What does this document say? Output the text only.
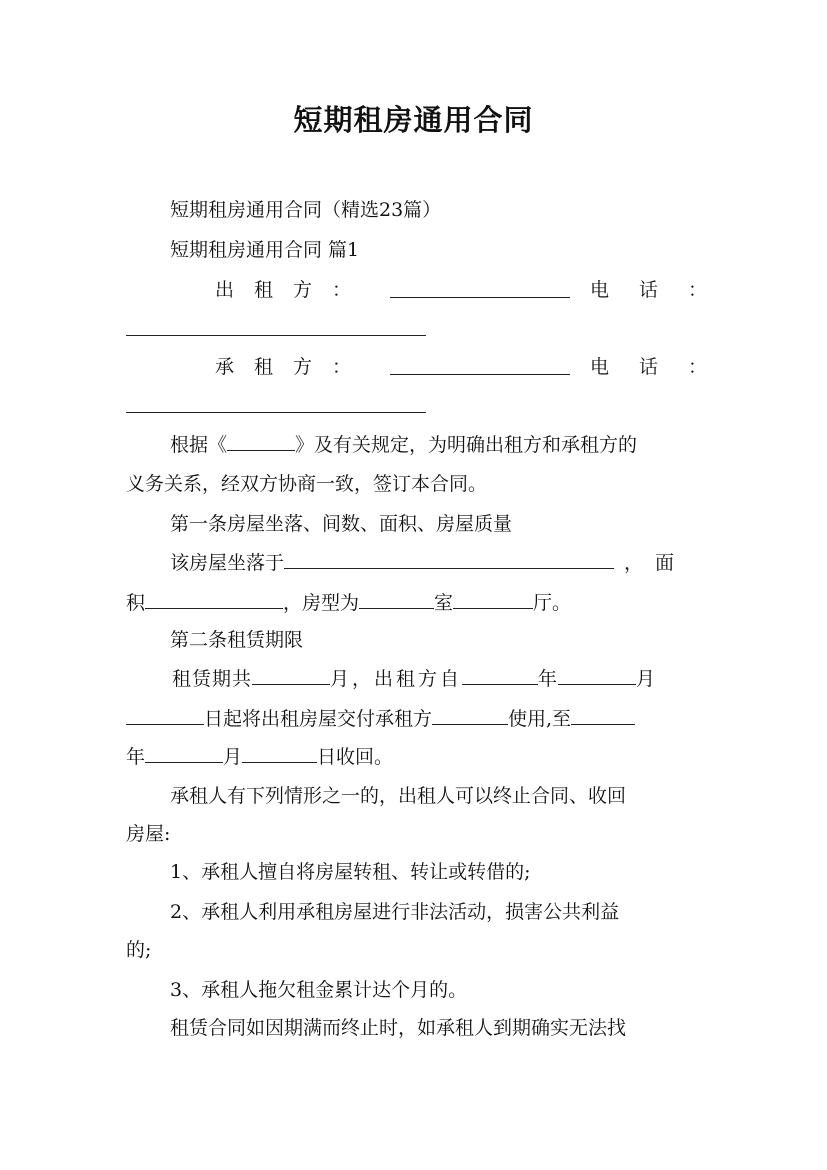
短期租房通用合同
短期租房通用合同（精选23篇）
短期租房通用合同 篇1
出租方：	电话：
承租方：	电话：
根据《	》及有关规定，为明确出租方和承租方的
义务关系，经双方协商一致，签订本合同。
第一条房屋坐落、间数、面积、房屋质量
该房屋坐落于	，面
积	，房型为	室	厅。
第二条租赁期限
租赁期共	月，出租方自	年	月
日起将出租房屋交付承租方	使用,至
年	月	日收回。
承租人有下列情形之一的，出租人可以终止合同、收回
房屋:
1、承租人擅自将房屋转租、转让或转借的;
2、承租人利用承租房屋进行非法活动，损害公共利益
的;
3、承租人拖欠租金累计达个月的。
租赁合同如因期满而终止时，如承租人到期确实无法找
